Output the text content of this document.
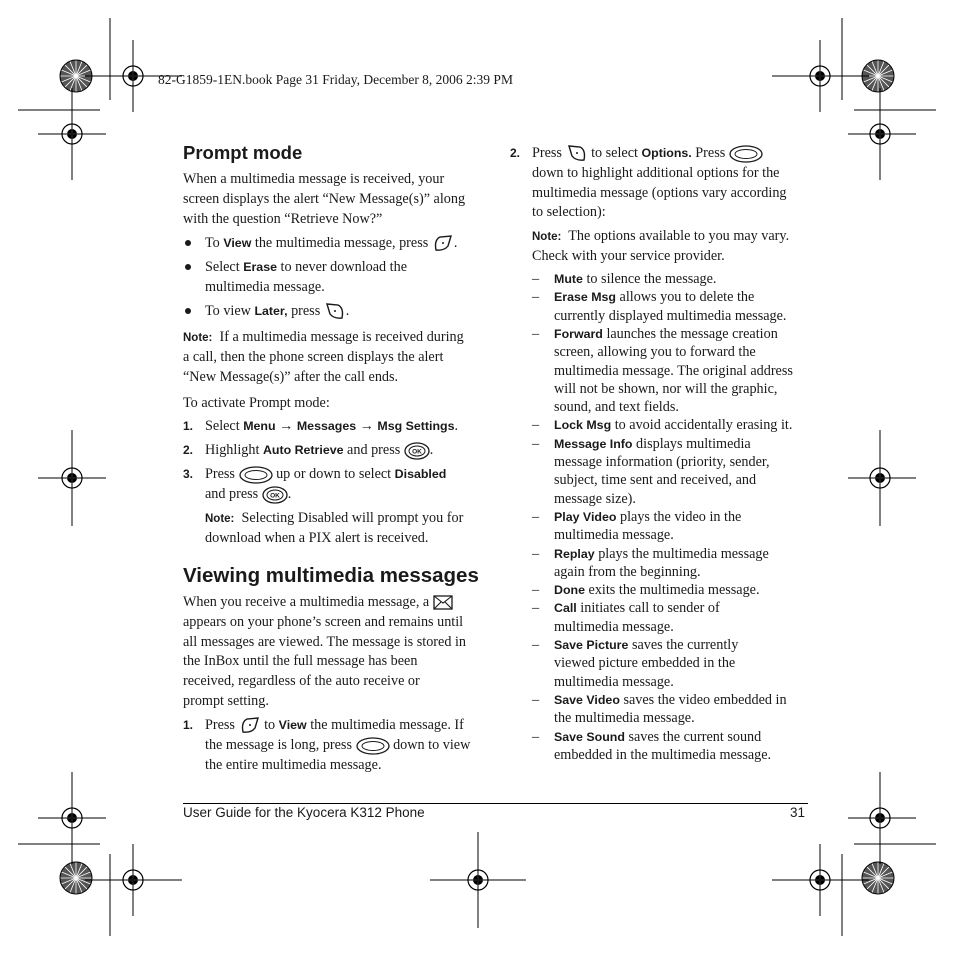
82-G1859-1EN.book Page 31 Friday, December 8, 2006 2:39 PM
Prompt mode
When a multimedia message is received, your
screen displays the alert “New Message(s)” along
with the question “Retrieve Now?”
To View the multimedia message, press .
Select Erase to never download the
multimedia message.
To view Later, press .
Note: If a multimedia message is received during
a call, then the phone screen displays the alert
“New Message(s)” after the call ends.
To activate Prompt mode:
1. Select Menu → Messages → Msg Settings.
2. Highlight Auto Retrieve and press OK .
3. Press  up or down to select Disabled
and press OK .
Note: Selecting Disabled will prompt you for
download when a PIX alert is received.
Viewing multimedia messages
When you receive a multimedia message, a
appears on your phone’s screen and remains until
all messages are viewed. The message is stored in
the InBox until the full message has been
received, regardless of the auto receive or
prompt setting.
1. Press  to View the multimedia message. If
the message is long, press  down to view
the entire multimedia message.
2. Press  to select Options. Press
down to highlight additional options for the
multimedia message (options vary according
to selection):
Note: The options available to you may vary.
Check with your service provider.
– Mute to silence the message.
– Erase Msg allows you to delete the
currently displayed multimedia message.
– Forward launches the message creation
screen, allowing you to forward the
multimedia message. The original address
will not be shown, nor will the graphic,
sound, and text fields.
– Lock Msg to avoid accidentally erasing it.
– Message Info displays multimedia
message information (priority, sender,
subject, time sent and received, and
message size).
– Play Video plays the video in the
multimedia message.
– Replay plays the multimedia message
again from the beginning.
– Done exits the multimedia message.
– Call initiates call to sender of
multimedia message.
– Save Picture saves the currently
viewed picture embedded in the
multimedia message.
– Save Video saves the video embedded in
the multimedia message.
– Save Sound saves the current sound
embedded in the multimedia message.
User Guide for the Kyocera K312 Phone	31
